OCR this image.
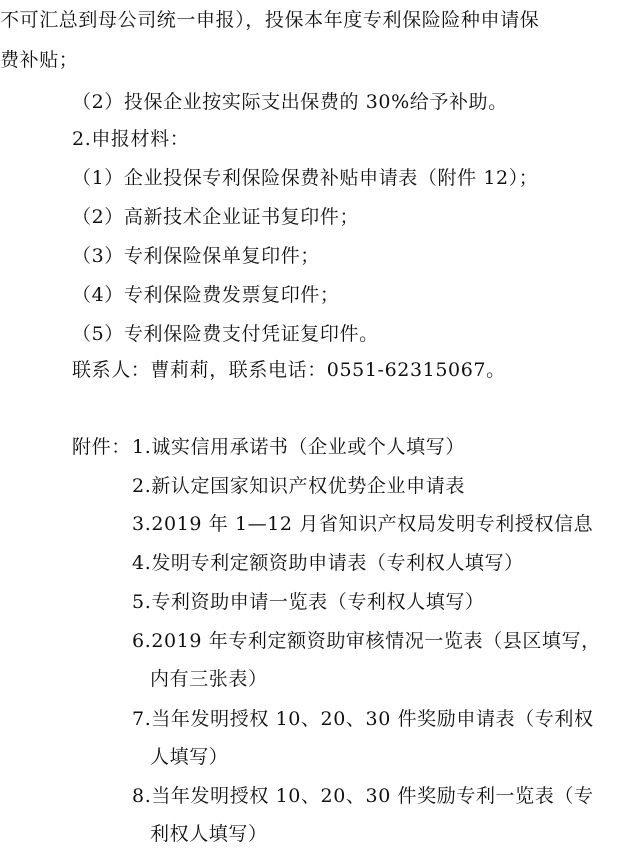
不可汇总到母公司统一申报），投保本年度专利保险险种申请保
费补贴；
（2）投保企业按实际支出保费的 30%给予补助。
2.申报材料：
（1）企业投保专利保险保费补贴申请表（附件 12）；
（2）高新技术企业证书复印件；
（3）专利保险保单复印件；
（4）专利保险费发票复印件；
（5）专利保险费支付凭证复印件。
联系人：曹莉莉，联系电话：0551-62315067。
附件： 1.诚实信用承诺书（企业或个人填写）
2.新认定国家知识产权优势企业申请表
3.2019 年 1—12 月省知识产权局发明专利授权信息
4.发明专利定额资助申请表（专利权人填写）
5.专利资助申请一览表（专利权人填写）
6.2019 年专利定额资助审核情况一览表（县区填写，
内有三张表）
7.当年发明授权 10、20、30 件奖励申请表（专利权
人填写）
8.当年发明授权 10、20、30 件奖励专利一览表（专
利权人填写）
